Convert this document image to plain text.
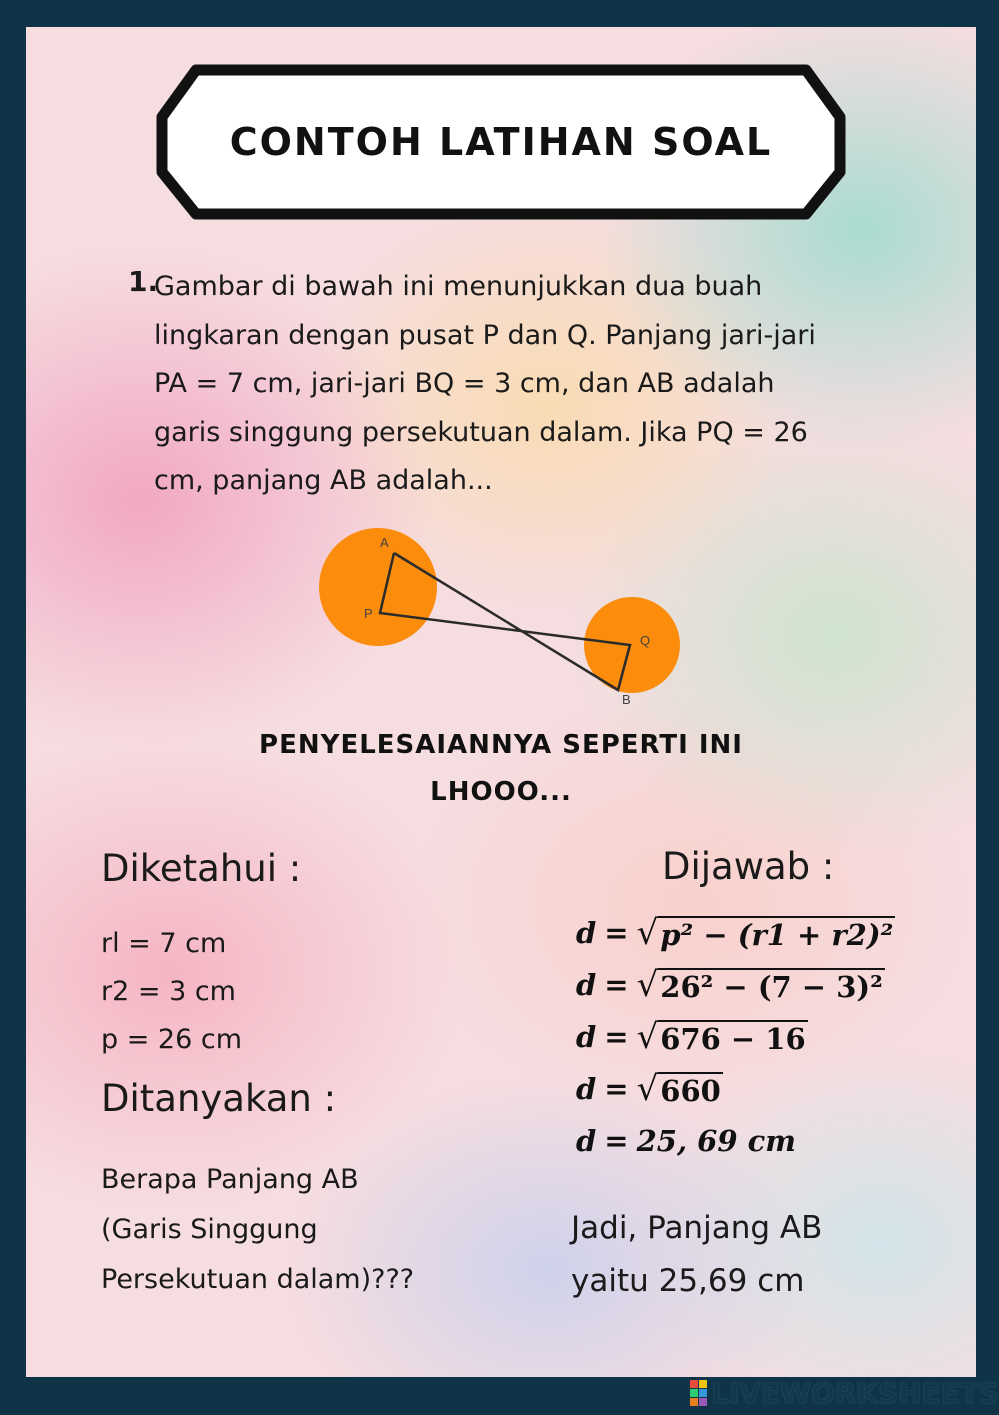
CONTOH LATIHAN SOAL
1.
Gambar di bawah ini menunjukkan dua buah
lingkaran dengan pusat P dan Q. Panjang jari-jari
PA = 7 cm, jari-jari BQ = 3 cm, dan AB adalah
garis singgung persekutuan dalam. Jika PQ = 26
cm, panjang AB adalah...
A
P
Q
B
PENYELESAIANNYA SEPERTI INI
LHOOO...
Diketahui :
rl = 7 cm
r2 = 3 cm
p = 26 cm
Ditanyakan :
Berapa Panjang AB
(Garis Singgung
Persekutuan dalam)???
Dijawab :
d = √ p² − (r1 + r2)²
d = √ 26² − (7 − 3)²
d = √ 676 − 16
d = √ 660
d = 25, 69 cm
Jadi, Panjang AB
yaitu 25,69 cm
LIVEWORKSHEETS
